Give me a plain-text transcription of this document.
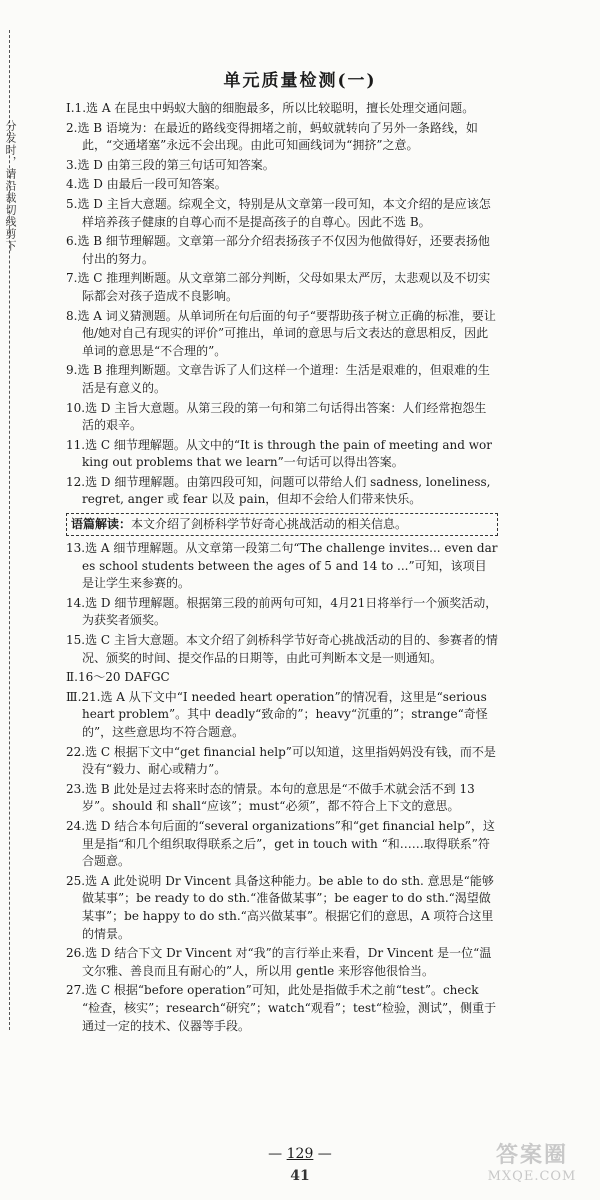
分发时，请沿裁切线剪下
单元质量检测(一)
Ⅰ.1.选 A 在昆虫中蚂蚁大脑的细胞最多，所以比较聪明，擅长处理交通问题。
2.选 B 语境为：在最近的路线变得拥堵之前，蚂蚁就转向了另外一条路线，如此，“交通堵塞”永远不会出现。由此可知画线词为“拥挤”之意。
3.选 D 由第三段的第三句话可知答案。
4.选 D 由最后一段可知答案。
5.选 D 主旨大意题。综观全文，特别是从文章第一段可知，本文介绍的是应该怎样培养孩子健康的自尊心而不是提高孩子的自尊心。因此不选 B。
6.选 B 细节理解题。文章第一部分介绍表扬孩子不仅因为他做得好，还要表扬他付出的努力。
7.选 C 推理判断题。从文章第二部分判断，父母如果太严厉，太悲观以及不切实际都会对孩子造成不良影响。
8.选 A 词义猜测题。从单词所在句后面的句子“要帮助孩子树立正确的标准，要让他/她对自己有现实的评价”可推出，单词的意思与后文表达的意思相反，因此单词的意思是“不合理的”。
9.选 B 推理判断题。文章告诉了人们这样一个道理：生活是艰难的，但艰难的生活是有意义的。
10.选 D 主旨大意题。从第三段的第一句和第二句话得出答案：人们经常抱怨生活的艰辛。
11.选 C 细节理解题。从文中的“It is through the pain of meeting and working out problems that we learn”一句话可以得出答案。
12.选 D 细节理解题。由第四段可知，问题可以带给人们 sadness, loneliness, regret, anger 或 fear 以及 pain，但却不会给人们带来快乐。
语篇解读：本文介绍了剑桥科学节好奇心挑战活动的相关信息。
13.选 A 细节理解题。从文章第一段第二句“The challenge invites... even dares school students between the ages of 5 and 14 to ...”可知，该项目是让学生来参赛的。
14.选 D 细节理解题。根据第三段的前两句可知，4月21日将举行一个颁奖活动，为获奖者颁奖。
15.选 C 主旨大意题。本文介绍了剑桥科学节好奇心挑战活动的目的、参赛者的情况、颁奖的时间、提交作品的日期等，由此可判断本文是一则通知。
Ⅱ.16～20 DAFGC
Ⅲ.21.选 A 从下文中“I needed heart operation”的情况看，这里是“serious heart problem”。其中 deadly“致命的”；heavy“沉重的”；strange“奇怪的”，这些意思均不符合题意。
22.选 C 根据下文中“get financial help”可以知道，这里指妈妈没有钱，而不是没有“毅力、耐心或精力”。
23.选 B 此处是过去将来时态的情景。本句的意思是“不做手术就会活不到 13 岁”。should 和 shall“应该”；must“必须”，都不符合上下文的意思。
24.选 D 结合本句后面的“several organizations”和“get financial help”，这里是指“和几个组织取得联系之后”，get in touch with “和……取得联系”符合题意。
25.选 A 此处说明 Dr Vincent 具备这种能力。be able to do sth. 意思是“能够做某事”；be ready to do sth.“准备做某事”；be eager to do sth.“渴望做某事”；be happy to do sth.“高兴做某事”。根据它们的意思，A 项符合这里的情景。
26.选 D 结合下文 Dr Vincent 对“我”的言行举止来看，Dr Vincent 是一位“温文尔雅、善良而且有耐心的”人，所以用 gentle 来形容他很恰当。
27.选 C 根据“before operation”可知，此处是指做手术之前“test”。check “检查，核实”；research“研究”；watch“观看”；test“检验，测试”，侧重于通过一定的技术、仪器等手段。
— 129 —
41
答案圈
MXQE.COM
